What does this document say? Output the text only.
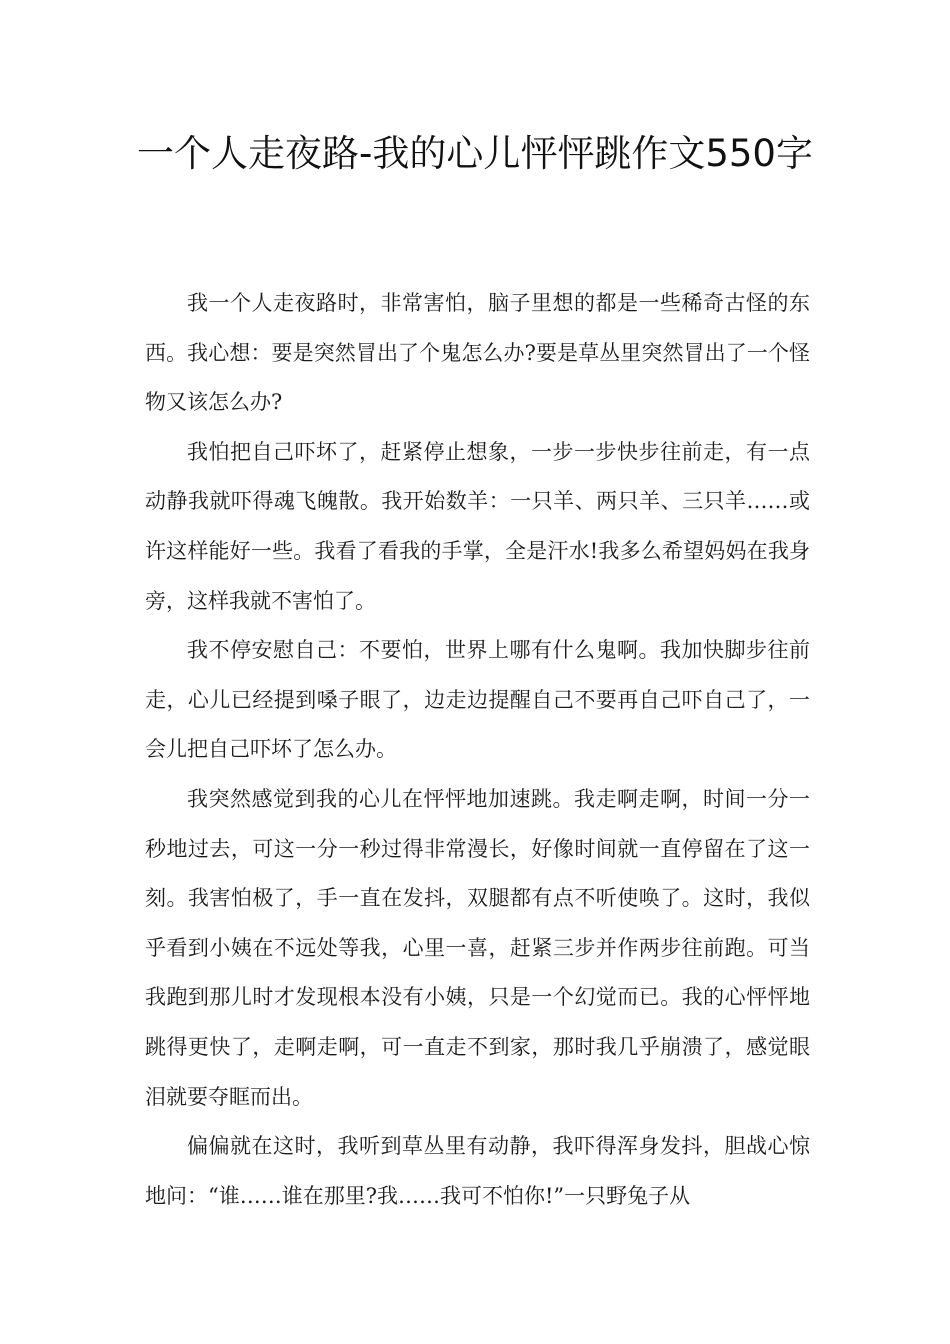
一个人走夜路-我的心儿怦怦跳作文550字

我一个人走夜路时，非常害怕，脑子里想的都是一些稀奇古怪的东西。我心想：要是突然冒出了个鬼怎么办?要是草丛里突然冒出了一个怪物又该怎么办?

我怕把自己吓坏了，赶紧停止想象，一步一步快步往前走，有一点动静我就吓得魂飞魄散。我开始数羊：一只羊、两只羊、三只羊……或许这样能好一些。我看了看我的手掌，全是汗水!我多么希望妈妈在我身旁，这样我就不害怕了。

我不停安慰自己：不要怕，世界上哪有什么鬼啊。我加快脚步往前走，心儿已经提到嗓子眼了，边走边提醒自己不要再自己吓自己了，一会儿把自己吓坏了怎么办。

我突然感觉到我的心儿在怦怦地加速跳。我走啊走啊，时间一分一秒地过去，可这一分一秒过得非常漫长，好像时间就一直停留在了这一刻。我害怕极了，手一直在发抖，双腿都有点不听使唤了。这时，我似乎看到小姨在不远处等我，心里一喜，赶紧三步并作两步往前跑。可当我跑到那儿时才发现根本没有小姨，只是一个幻觉而已。我的心怦怦地跳得更快了，走啊走啊，可一直走不到家，那时我几乎崩溃了，感觉眼泪就要夺眶而出。

偏偏就在这时，我听到草丛里有动静，我吓得浑身发抖，胆战心惊地问：“谁……谁在那里?我……我可不怕你!”一只野兔子从
